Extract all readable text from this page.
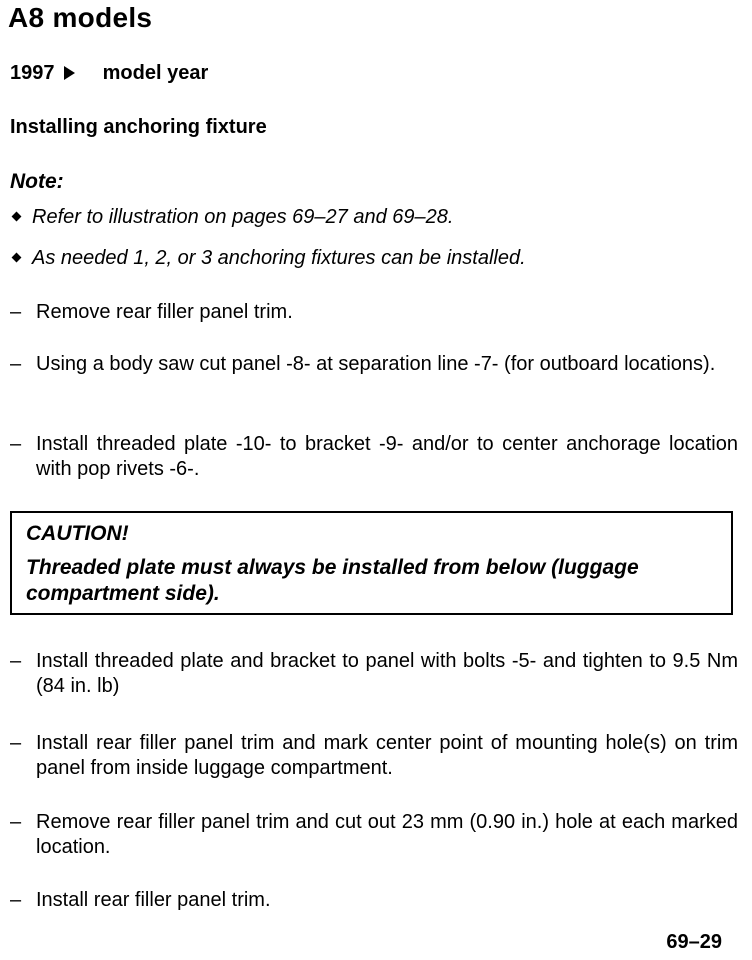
A8 models
1997 model year
Installing anchoring fixture
Note:
Refer to illustration on pages 69–27 and 69–28.
As needed 1, 2, or 3 anchoring fixtures can be installed.
– Remove rear filler panel trim.
– Using a body saw cut panel -8- at separation line -7- (for outboard locations).
– Install threaded plate -10- to bracket -9- and/or to center anchorage location with pop rivets -6-.
CAUTION!
Threaded plate must always be installed from below (luggage compartment side).
– Install threaded plate and bracket to panel with bolts -5- and tighten to 9.5 Nm (84 in. lb)
– Install rear filler panel trim and mark center point of mounting hole(s) on trim panel from inside luggage compartment.
– Remove rear filler panel trim and cut out 23 mm (0.90 in.) hole at each marked location.
– Install rear filler panel trim.
69–29
